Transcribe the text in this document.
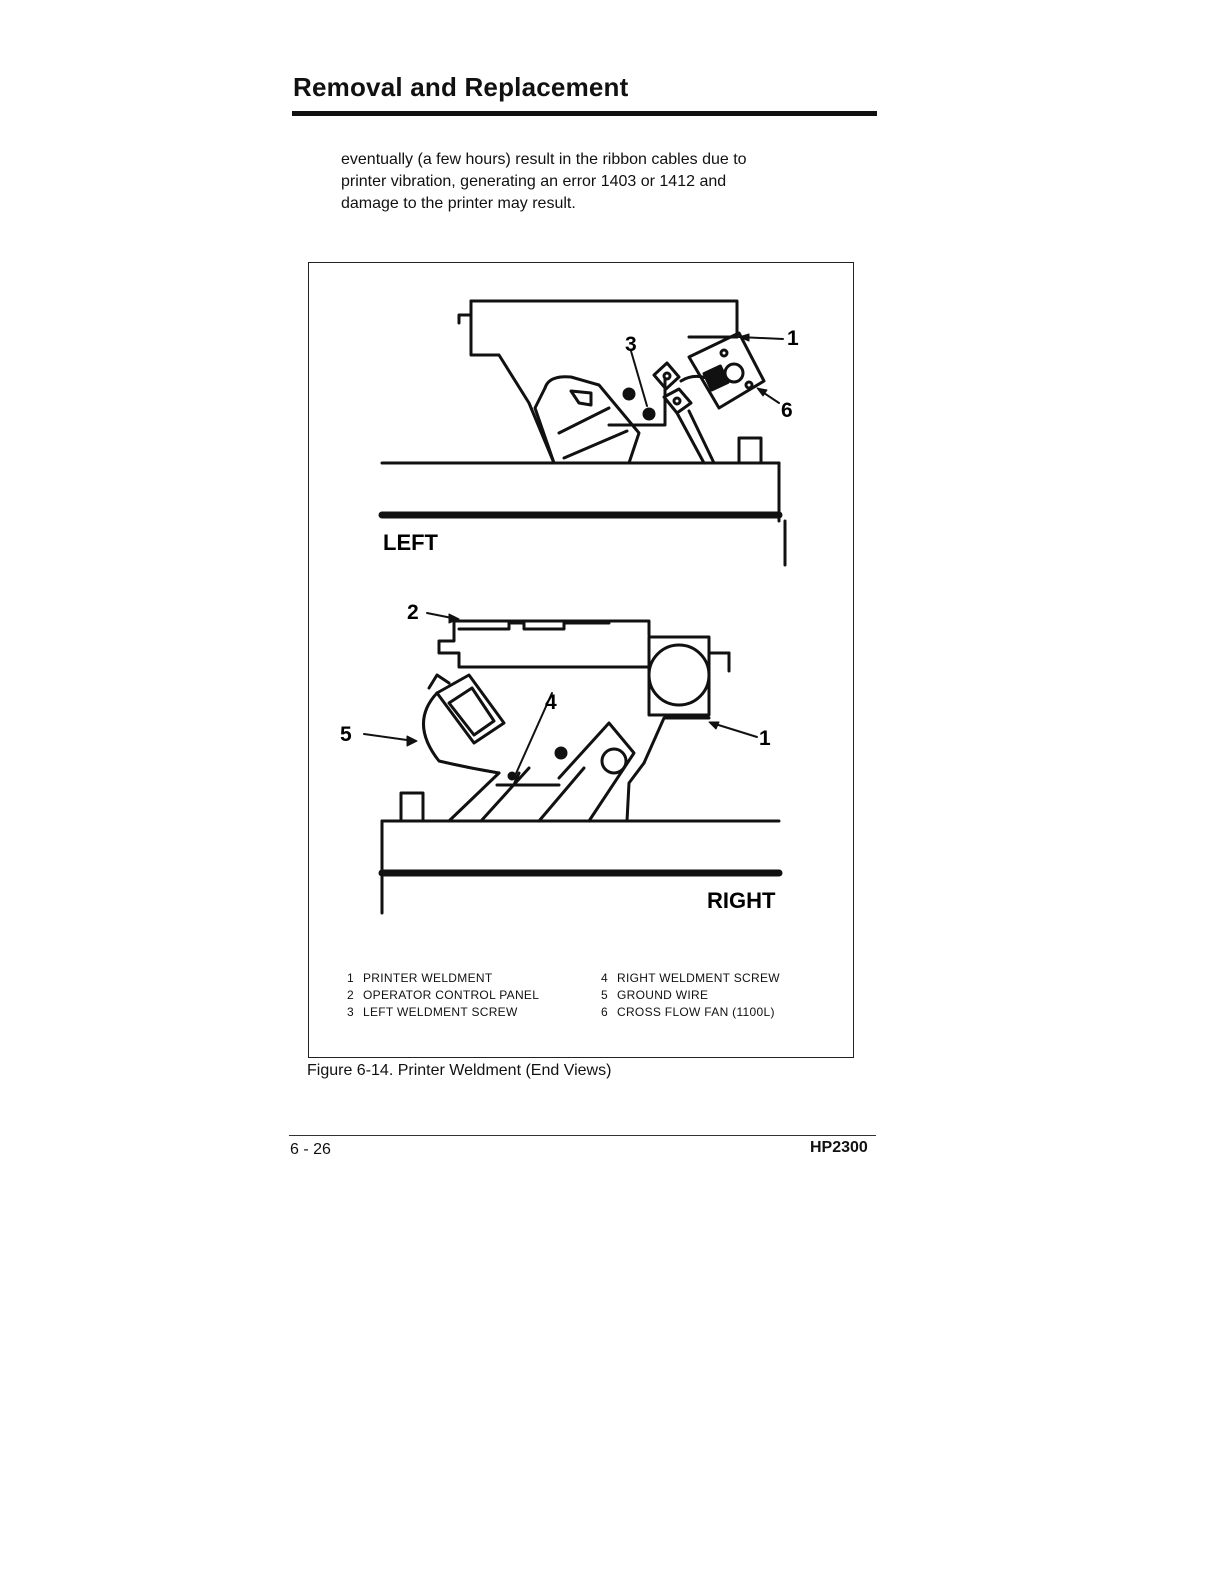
Removal and Replacement
eventually (a few hours) result in the ribbon cables due to
printer vibration, generating an error 1403 or 1412 and
damage to the printer may result.
1
3
6
2
4
5	1
LEFT
RIGHT
1 PRINTER WELDMENT
2 OPERATOR CONTROL PANEL
3 LEFT WELDMENT SCREW
4 RIGHT WELDMENT SCREW
5 GROUND WIRE
6 CROSS FLOW FAN (1100L)
Figure 6-14. Printer Weldment (End Views)
6 - 26	HP2300
